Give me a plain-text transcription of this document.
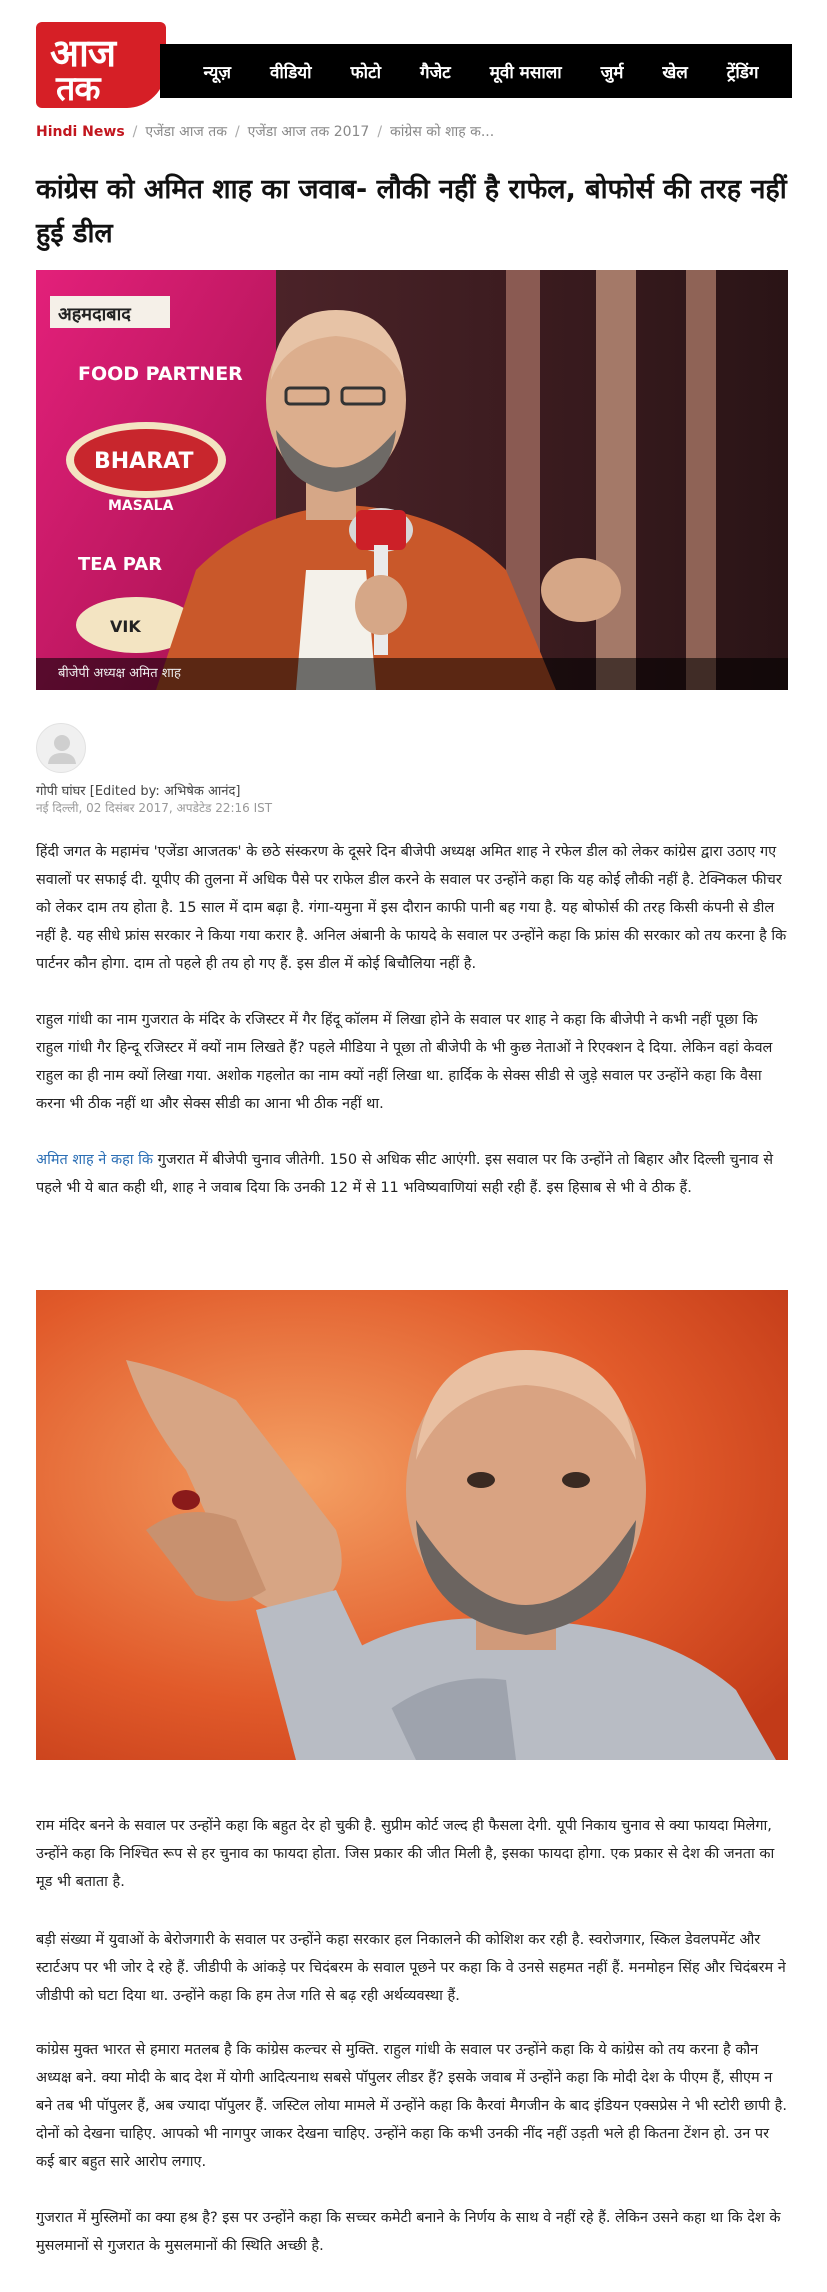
आज
तक	न्यूज़ वीडियो फोटो गैजेट मूवी मसाला जुर्म खेल ट्रेंडिंग
Hindi News / एजेंडा आज तक / एजेंडा आज तक 2017 / कांग्रेस को शाह क...
कांग्रेस को अमित शाह का जवाब- लौकी नहीं है राफेल, बोफोर्स की तरह नहीं हुई डील
अहमदाबाद
FOOD PARTNER
BHARAT
MASALA
TEA PAR
VIK
बीजेपी अध्यक्ष अमित शाह
गोपी घांघर [Edited by: अभिषेक आनंद]
नई दिल्ली, 02 दिसंबर 2017, अपडेटेड 22:16 IST

हिंदी जगत के महामंच 'एजेंडा आजतक' के छठे संस्करण के दूसरे दिन बीजेपी अध्यक्ष अमित शाह ने रफेल डील को लेकर कांग्रेस द्वारा उठाए गए सवालों पर सफाई दी. यूपीए की तुलना में अधिक पैसे पर राफेल डील करने के सवाल पर उन्होंने कहा कि यह कोई लौकी नहीं है. टेक्निकल फीचर को लेकर दाम तय होता है. 15 साल में दाम बढ़ा है. गंगा-यमुना में इस दौरान काफी पानी बह गया है. यह बोफोर्स की तरह किसी कंपनी से डील नहीं है. यह सीधे फ्रांस सरकार ने किया गया करार है. अनिल अंबानी के फायदे के सवाल पर उन्होंने कहा कि फ्रांस की सरकार को तय करना है कि पार्टनर कौन होगा. दाम तो पहले ही तय हो गए हैं. इस डील में कोई बिचौलिया नहीं है.

राहुल गांधी का नाम गुजरात के मंदिर के रजिस्टर में गैर हिंदू कॉलम में लिखा होने के सवाल पर शाह ने कहा कि बीजेपी ने कभी नहीं पूछा कि राहुल गांधी गैर हिन्दू रजिस्टर में क्यों नाम लिखते हैं? पहले मीडिया ने पूछा तो बीजेपी के भी कुछ नेताओं ने रिएक्शन दे दिया. लेकिन वहां केवल राहुल का ही नाम क्यों लिखा गया. अशोक गहलोत का नाम क्यों नहीं लिखा था. हार्दिक के सेक्स सीडी से जुड़े सवाल पर उन्होंने कहा कि वैसा करना भी ठीक नहीं था और सेक्स सीडी का आना भी ठीक नहीं था.

अमित शाह ने कहा कि गुजरात में बीजेपी चुनाव जीतेगी. 150 से अधिक सीट आएंगी. इस सवाल पर कि उन्होंने तो बिहार और दिल्ली चुनाव से पहले भी ये बात कही थी, शाह ने जवाब दिया कि उनकी 12 में से 11 भविष्यवाणियां सही रही हैं. इस हिसाब से भी वे ठीक हैं.

राम मंदिर बनने के सवाल पर उन्होंने कहा कि बहुत देर हो चुकी है. सुप्रीम कोर्ट जल्द ही फैसला देगी. यूपी निकाय चुनाव से क्या फायदा मिलेगा, उन्होंने कहा कि निश्चित रूप से हर चुनाव का फायदा होता. जिस प्रकार की जीत मिली है, इसका फायदा होगा. एक प्रकार से देश की जनता का मूड भी बताता है.

बड़ी संख्या में युवाओं के बेरोजगारी के सवाल पर उन्होंने कहा सरकार हल निकालने की कोशिश कर रही है. स्वरोजगार, स्किल डेवलपमेंट और स्टार्टअप पर भी जोर दे रहे हैं. जीडीपी के आंकड़े पर चिदंबरम के सवाल पूछने पर कहा कि वे उनसे सहमत नहीं हैं. मनमोहन सिंह और चिदंबरम ने जीडीपी को घटा दिया था. उन्होंने कहा कि हम तेज गति से बढ़ रही अर्थव्यवस्था हैं.

कांग्रेस मुक्त भारत से हमारा मतलब है कि कांग्रेस कल्चर से मुक्ति. राहुल गांधी के सवाल पर उन्होंने कहा कि ये कांग्रेस को तय करना है कौन अध्यक्ष बने. क्या मोदी के बाद देश में योगी आदित्यनाथ सबसे पॉपुलर लीडर हैं? इसके जवाब में उन्होंने कहा कि मोदी देश के पीएम हैं, सीएम न बने तब भी पॉपुलर हैं, अब ज्यादा पॉपुलर हैं. जस्टिल लोया मामले में उन्होंने कहा कि कैरवां मैगजीन के बाद इंडियन एक्सप्रेस ने भी स्टोरी छापी है. दोनों को देखना चाहिए. आपको भी नागपुर जाकर देखना चाहिए. उन्होंने कहा कि कभी उनकी नींद नहीं उड़ती भले ही कितना टेंशन हो. उन पर कई बार बहुत सारे आरोप लगाए.

गुजरात में मुस्लिमों का क्या हश्र है? इस पर उन्होंने कहा कि सच्चर कमेटी बनाने के निर्णय के साथ वे नहीं रहे हैं. लेकिन उसने कहा था कि देश के मुसलमानों से गुजरात के मुसलमानों की स्थिति अच्छी है.
